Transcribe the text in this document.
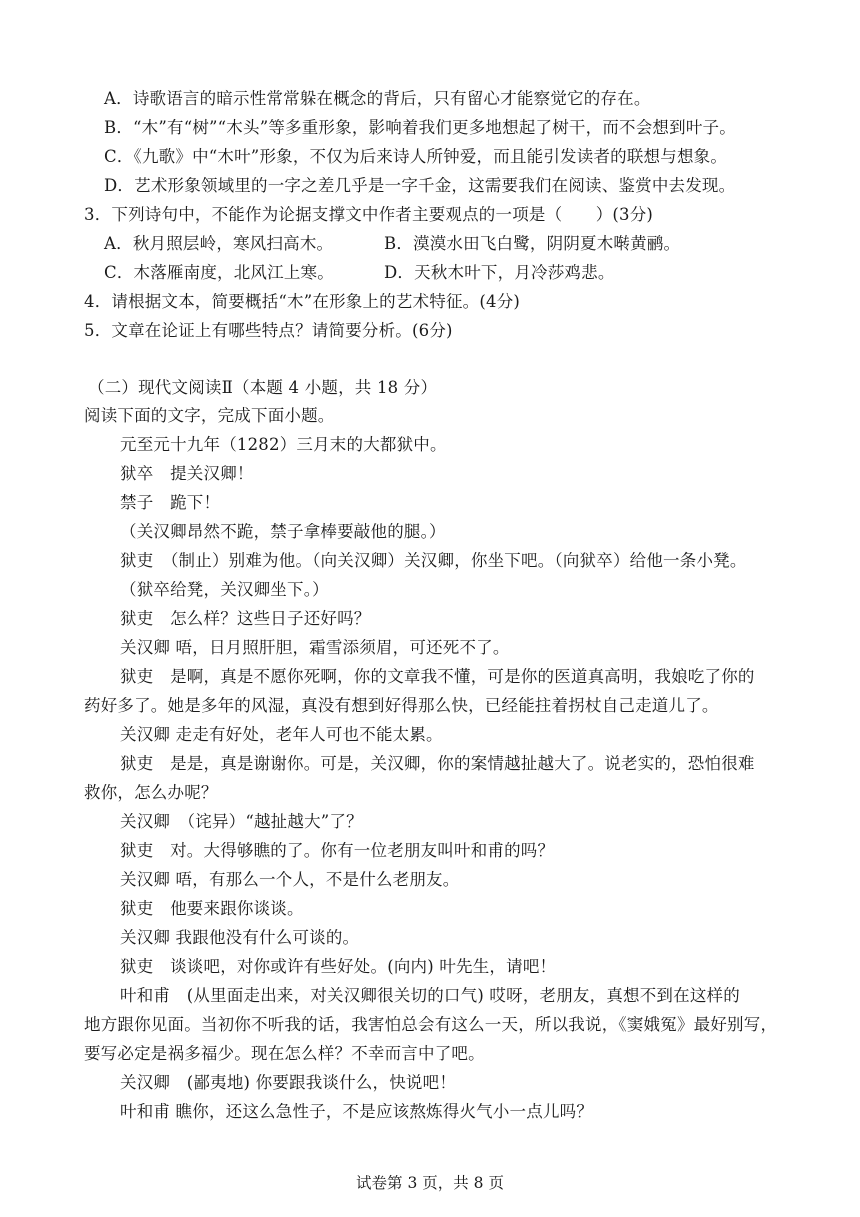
A．诗歌语言的暗示性常常躲在概念的背后，只有留心才能察觉它的存在。
B．“木”有“树”“木头”等多重形象，影响着我们更多地想起了树干，而不会想到叶子。
C．《九歌》中“木叶”形象，不仅为后来诗人所钟爱，而且能引发读者的联想与想象。
D．艺术形象领域里的一字之差几乎是一字千金，这需要我们在阅读、鉴赏中去发现。
3．下列诗句中，不能作为论据支撑文中作者主要观点的一项是（　　）(3分)
A．秋月照层岭，寒风扫高木。	B．漠漠水田飞白鹭，阴阴夏木啭黄鹂。
C．木落雁南度，北风江上寒。	D．天秋木叶下，月冷莎鸡悲。
4．请根据文本，简要概括“木”在形象上的艺术特征。(4分)
5．文章在论证上有哪些特点？请简要分析。(6分)
（二）现代文阅读Ⅱ（本题 4 小题，共 18 分）
阅读下面的文字，完成下面小题。
元至元十九年（1282）三月末的大都狱中。
狱卒　提关汉卿！
禁子　跪下！
（关汉卿昂然不跪，禁子拿棒要敲他的腿。）
狱吏　（制止）别难为他。（向关汉卿）关汉卿，你坐下吧。（向狱卒）给他一条小凳。
（狱卒给凳，关汉卿坐下。）
狱吏　怎么样？这些日子还好吗？
关汉卿 唔，日月照肝胆，霜雪添须眉，可还死不了。
狱吏　是啊，真是不愿你死啊，你的文章我不懂，可是你的医道真高明，我娘吃了你的
药好多了。她是多年的风湿，真没有想到好得那么快，已经能拄着拐杖自己走道儿了。
关汉卿 走走有好处，老年人可也不能太累。
狱吏　是是，真是谢谢你。可是，关汉卿，你的案情越扯越大了。说老实的，恐怕很难
救你，怎么办呢？
关汉卿　（诧异）“越扯越大”了？
狱吏　对。大得够瞧的了。你有一位老朋友叫叶和甫的吗？
关汉卿 唔，有那么一个人，不是什么老朋友。
狱吏　他要来跟你谈谈。
关汉卿 我跟他没有什么可谈的。
狱吏　谈谈吧，对你或许有些好处。(向内) 叶先生，请吧！
叶和甫　(从里面走出来，对关汉卿很关切的口气) 哎呀，老朋友，真想不到在这样的
地方跟你见面。当初你不听我的话，我害怕总会有这么一天，所以我说，《窦娥冤》最好别写，
要写必定是祸多福少。现在怎么样？不幸而言中了吧。
关汉卿　(鄙夷地) 你要跟我谈什么，快说吧！
叶和甫 瞧你，还这么急性子，不是应该熬炼得火气小一点儿吗？
试卷第 3 页，共 8 页
